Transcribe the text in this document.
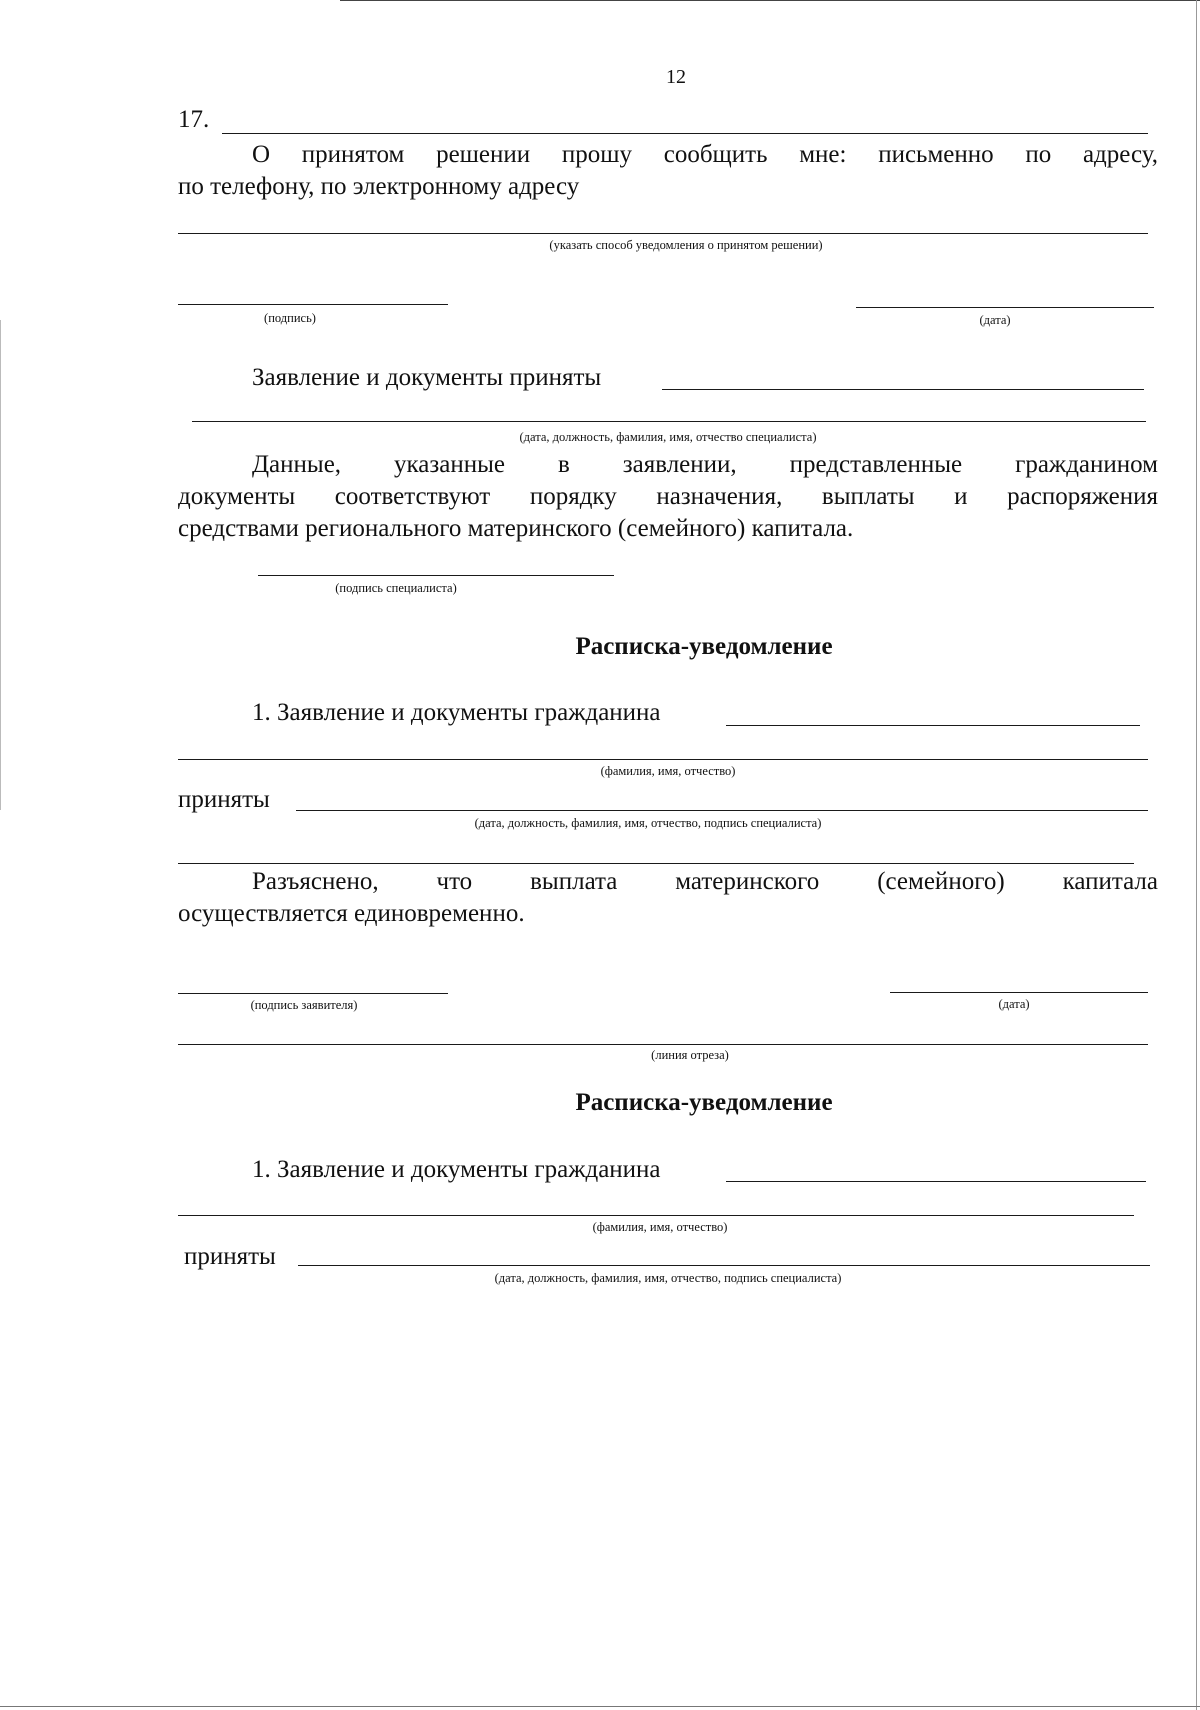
12
17.
О принятом решении прошу сообщить мне: письменно по адресу,
по телефону, по электронному адресу
(указать способ уведомления о принятом решении)
(подпись)	(дата)
Заявление и документы приняты
(дата, должность, фамилия, имя, отчество специалиста)
Данные, указанные в заявлении, представленные гражданином
документы соответствуют порядку назначения, выплаты и распоряжения
средствами регионального материнского (семейного) капитала.
(подпись специалиста)
Расписка-уведомление
1. Заявление и документы гражданина
(фамилия, имя, отчество)
приняты
(дата, должность, фамилия, имя, отчество, подпись специалиста)
Разъяснено, что выплата материнского (семейного) капитала
осуществляется единовременно.
(подпись заявителя)	(дата)
(линия отреза)
Расписка-уведомление
1. Заявление и документы гражданина
(фамилия, имя, отчество)
приняты
(дата, должность, фамилия, имя, отчество, подпись специалиста)
